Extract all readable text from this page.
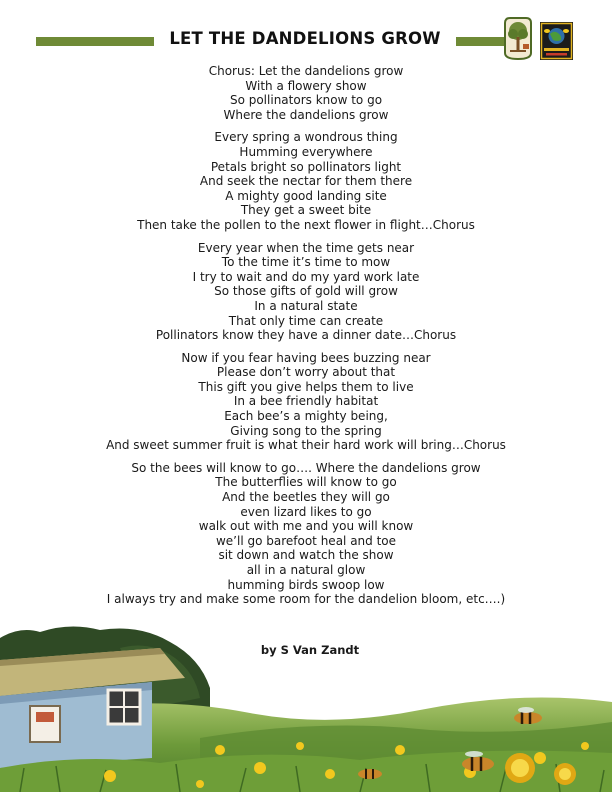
LET THE DANDELIONS GROW
Chorus: Let the dandelions grow
With a flowery show
So pollinators know to go
Where the dandelions grow
Every spring a wondrous thing
Humming everywhere
Petals bright so pollinators light
And seek the nectar for them there
A mighty good landing site
They get a sweet bite
Then take the pollen to the next flower in flight…Chorus
Every year when the time gets near
To the time it’s time to mow
I try to wait and do my yard work late
So those gifts of gold will grow
In a natural state
That only time can create
Pollinators know they have a dinner date…Chorus
Now if you fear having bees buzzing near
Please don’t worry about that
This gift you give helps them to live
In a bee friendly habitat
Each bee’s a mighty being,
Giving song to the spring
And sweet summer fruit is what their hard work will bring…Chorus
So the bees will know to go…. Where the dandelions grow
The butterflies will know to go
And the beetles they will go
even lizard likes to go
walk out with me and you will know
we’ll go barefoot heal and toe
sit down and watch the show
all in a natural glow
humming birds swoop low
I always try and make some room for the dandelion bloom, etc….)
by S Van Zandt
